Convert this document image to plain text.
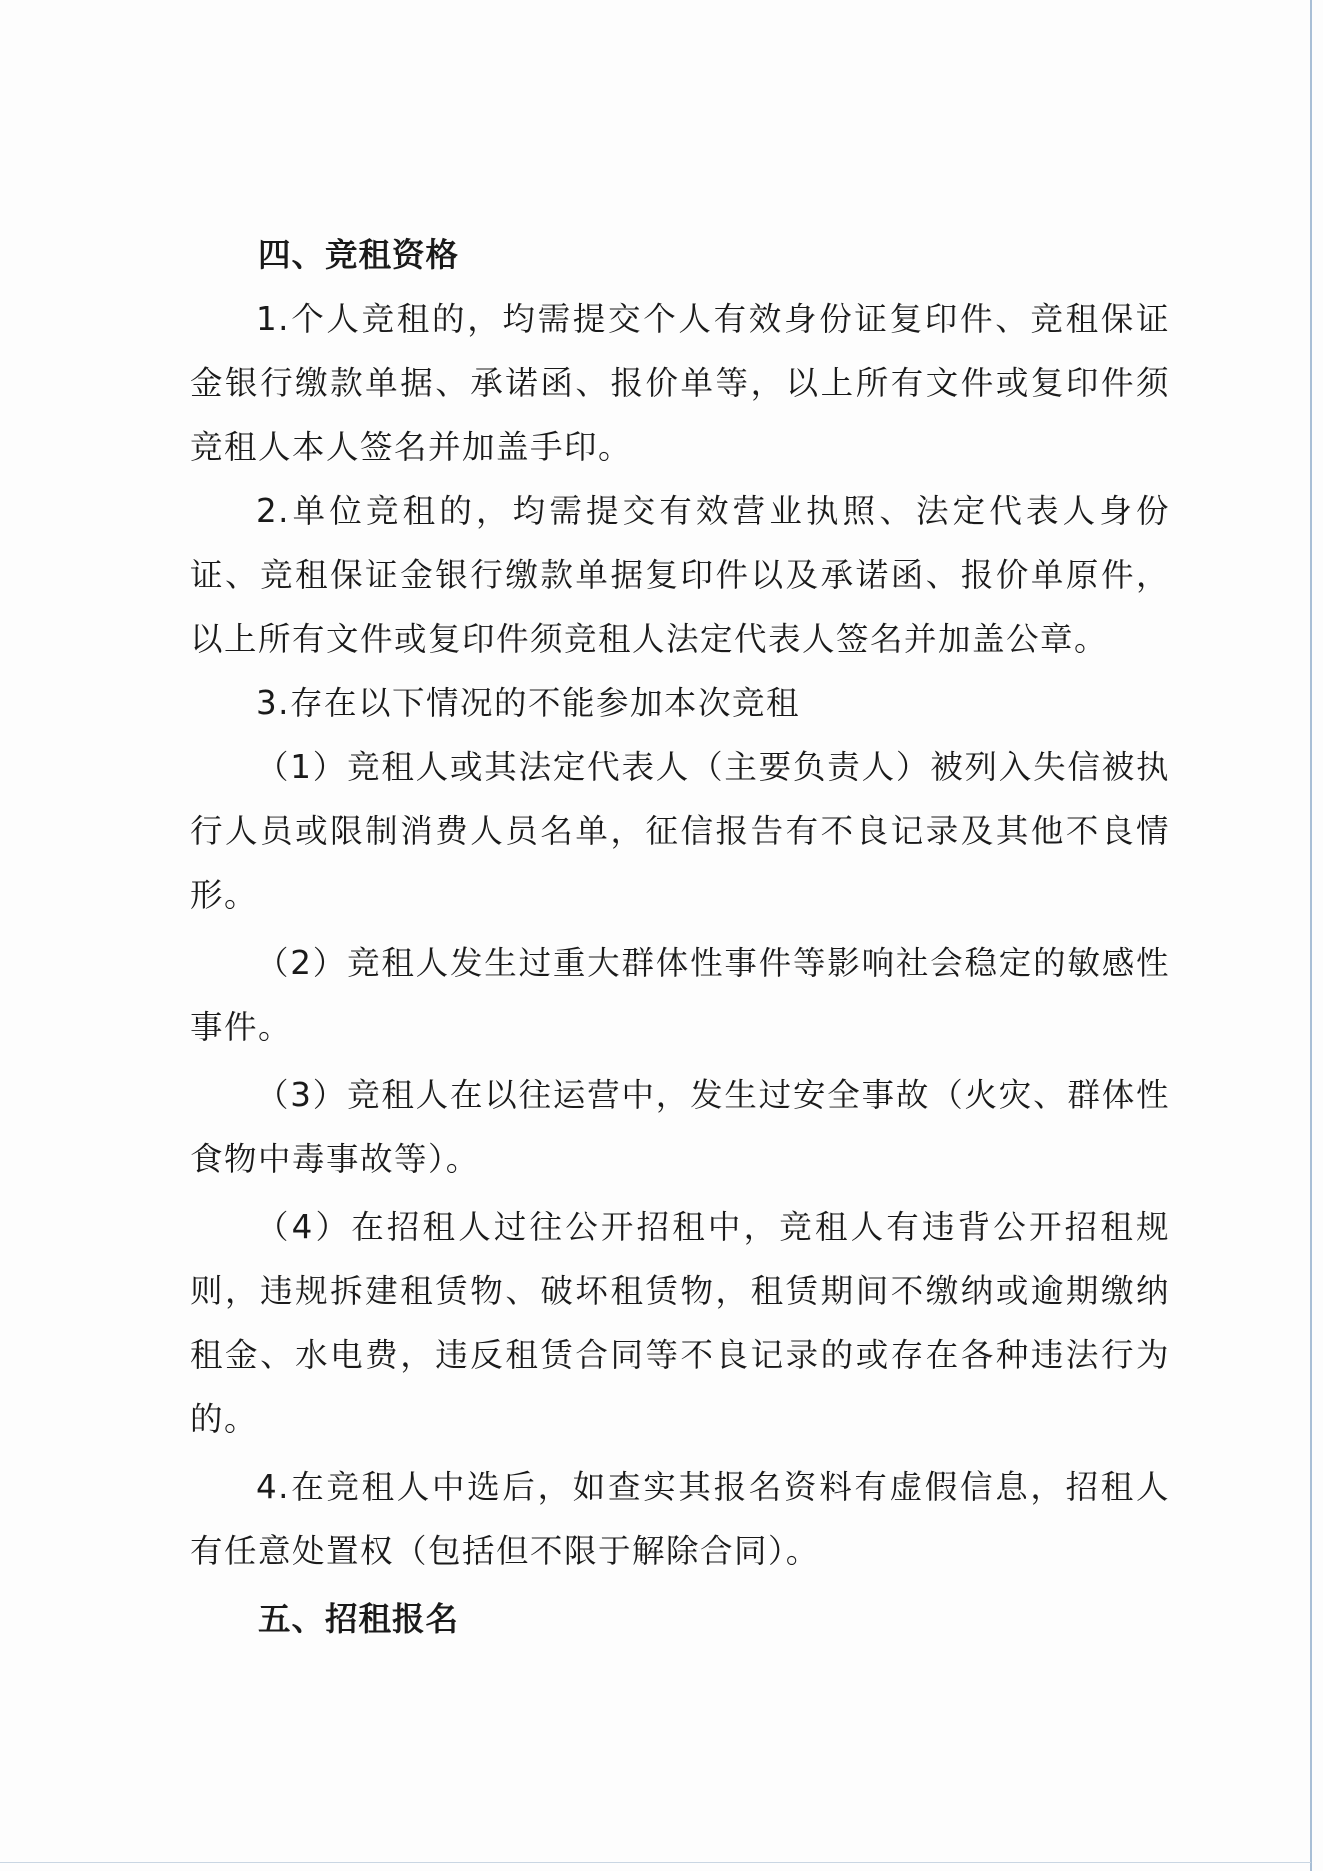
四、竞租资格

1.个人竞租的，均需提交个人有效身份证复印件、竞租保证金银行缴款单据、承诺函、报价单等，以上所有文件或复印件须竞租人本人签名并加盖手印。

2.单位竞租的，均需提交有效营业执照、法定代表人身份证、竞租保证金银行缴款单据复印件以及承诺函、报价单原件，以上所有文件或复印件须竞租人法定代表人签名并加盖公章。

3.存在以下情况的不能参加本次竞租

（1）竞租人或其法定代表人（主要负责人）被列入失信被执行人员或限制消费人员名单，征信报告有不良记录及其他不良情形。

（2）竞租人发生过重大群体性事件等影响社会稳定的敏感性事件。

（3）竞租人在以往运营中，发生过安全事故（火灾、群体性食物中毒事故等）。

（4）在招租人过往公开招租中，竞租人有违背公开招租规则，违规拆建租赁物、破坏租赁物，租赁期间不缴纳或逾期缴纳租金、水电费，违反租赁合同等不良记录的或存在各种违法行为的。

4.在竞租人中选后，如查实其报名资料有虚假信息，招租人有任意处置权（包括但不限于解除合同）。

五、招租报名
